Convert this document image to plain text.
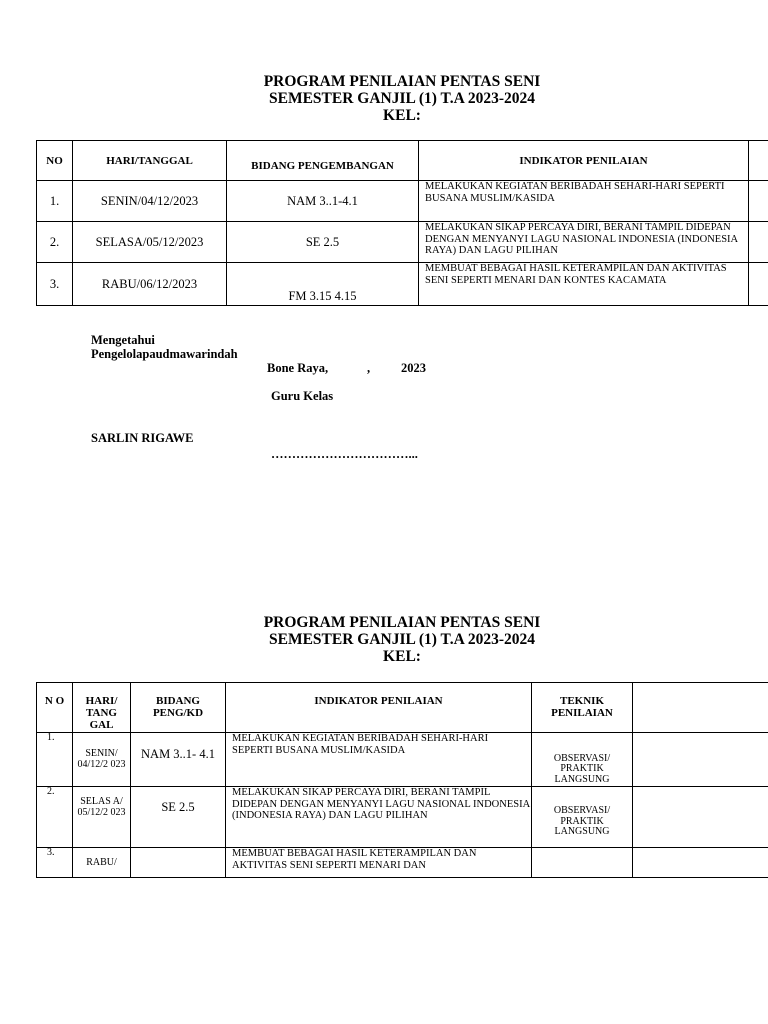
PROGRAM PENILAIAN PENTAS SENI
SEMESTER GANJIL (1) T.A 2023-2024
KEL:
NO	HARI/TANGGAL	BIDANG PENGEMBANGAN	INDIKATOR PENILAIAN	
1.	SENIN/04/12/2023	NAM 3..1-4.1	MELAKUKAN KEGIATAN BERIBADAH SEHARI-HARI SEPERTI BUSANA MUSLIM/KASIDA	
2.	SELASA/05/12/2023	SE 2.5	MELAKUKAN SIKAP PERCAYA DIRI, BERANI TAMPIL DIDEPAN DENGAN MENYANYI LAGU NASIONAL INDONESIA (INDONESIA RAYA) DAN LAGU PILIHAN	
3.	RABU/06/12/2023	FM 3.15 4.15	MEMBUAT BEBAGAI HASIL KETERAMPILAN DAN AKTIVITAS SENI SEPERTI MENARI DAN KONTES KACAMATA	

Mengetahui

Pengelolapaudmawarindah

Bone Raya,	, 2023

Guru Kelas

SARLIN RIGAWE

……………………………...

PROGRAM PENILAIAN PENTAS SENI
SEMESTER GANJIL (1) T.A 2023-2024
KEL:
N O	HARI/ TANG GAL	BIDANG PENG/KD	INDIKATOR PENILAIAN	TEKNIK PENILAIAN	
1.	SENIN/ 04/12/2 023	NAM 3..1- 4.1	MELAKUKAN KEGIATAN BERIBADAH SEHARI-HARI SEPERTI BUSANA MUSLIM/KASIDA	OBSERVASI/ PRAKTIK LANGSUNG	
2.	SELAS A/ 05/12/2 023	SE 2.5	MELAKUKAN SIKAP PERCAYA DIRI, BERANI TAMPIL DIDEPAN DENGAN MENYANYI LAGU NASIONAL INDONESIA (INDONESIA RAYA) DAN LAGU PILIHAN	OBSERVASI/ PRAKTIK LANGSUNG	
3.	RABU/		MEMBUAT BEBAGAI HASIL KETERAMPILAN DAN AKTIVITAS SENI SEPERTI MENARI DAN		
